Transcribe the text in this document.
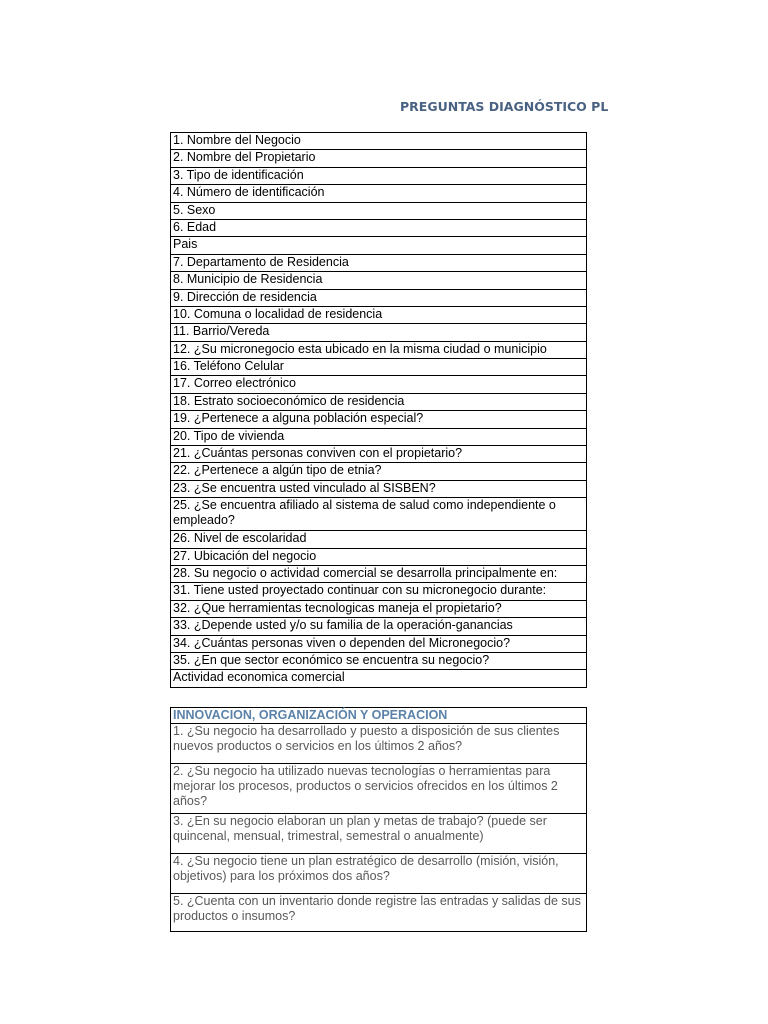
PREGUNTAS DIAGNÓSTICO PL
1. Nombre del Negocio
2. Nombre del Propietario
3. Tipo de identificación
4. Número de identificación
5. Sexo
6. Edad
Pais
7. Departamento de Residencia
8. Municipio de Residencia
9. Dirección de residencia
10. Comuna o localidad de residencia
11. Barrio/Vereda
12. ¿Su micronegocio esta ubicado en la misma ciudad o municipio
16. Teléfono Celular
17. Correo electrónico
18. Estrato socioeconómico de residencia
19. ¿Pertenece a alguna población especial?
20. Tipo de vivienda
21. ¿Cuántas personas conviven con el propietario?
22. ¿Pertenece a algún tipo de etnia?
23. ¿Se encuentra usted vinculado al SISBEN?
25. ¿Se encuentra afiliado al sistema de salud como independiente o empleado?
26. Nivel de escolaridad
27. Ubicación del negocio
28. Su negocio o actividad comercial se desarrolla principalmente en:
31. Tiene usted proyectado continuar con su micronegocio durante:
32. ¿Que herramientas tecnologicas maneja el propietario?
33. ¿Depende usted y/o su familia de la operación-ganancias
34. ¿Cuántas personas viven o dependen del Micronegocio?
35. ¿En que sector económico se encuentra su negocio?
Actividad economica comercial
INNOVACION, ORGANIZACIÓN Y OPERACION
1. ¿Su negocio ha desarrollado y puesto a disposición de sus clientes nuevos productos o servicios en los últimos 2 años?
2. ¿Su negocio ha utilizado nuevas tecnologías o herramientas para mejorar los procesos, productos o servicios ofrecidos en los últimos 2 años?
3. ¿En su negocio elaboran un plan y metas de trabajo? (puede ser quincenal, mensual, trimestral, semestral o anualmente)
4. ¿Su negocio tiene un plan estratégico de desarrollo (misión, visión, objetivos) para los próximos dos años?
5. ¿Cuenta con un inventario donde registre las entradas y salidas de sus productos o insumos?
